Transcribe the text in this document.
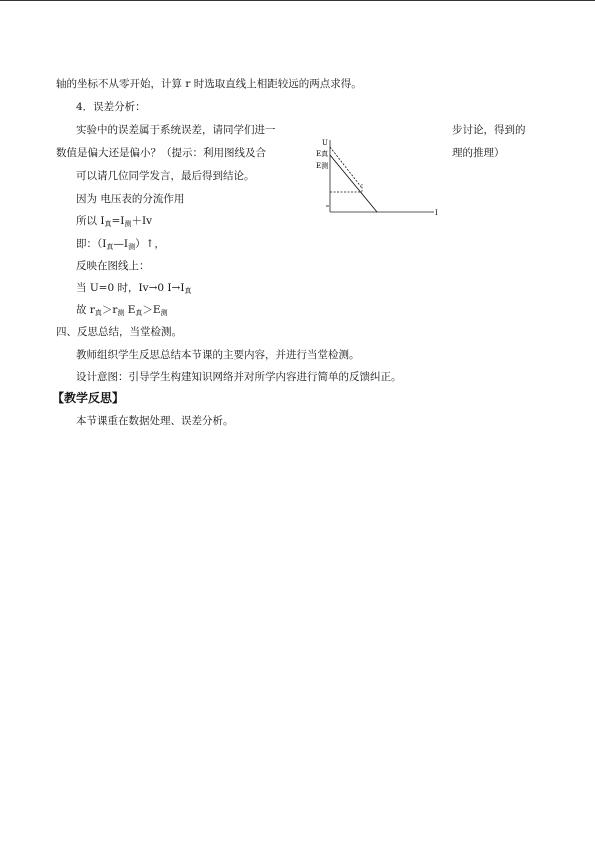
轴的坐标不从零开始，计算 r 时选取直线上相距较远的两点求得。
4．误差分析：
实验中的误差属于系统误差，请同学们进一	步讨论，得到的
数值是偏大还是偏小？（提示：利用图线及合	理的推理）
可以请几位同学发言，最后得到结论。
因为 电压表的分流作用
所以 $I_真=I_测+Iv$
即：$(I_真—I_测)↑$，
反映在图线上：
当 U=0 时，Iv→0 $I\to I_真$
故 $r_真>r_测$ $E_真>E_测$
四、反思总结，当堂检测。
教师组织学生反思总结本节课的主要内容，并进行当堂检测。
设计意图：引导学生构建知识网络并对所学内容进行简单的反馈纠正。
【教学反思】
本节课重在数据处理、误差分析。
U
I
E真
E测
